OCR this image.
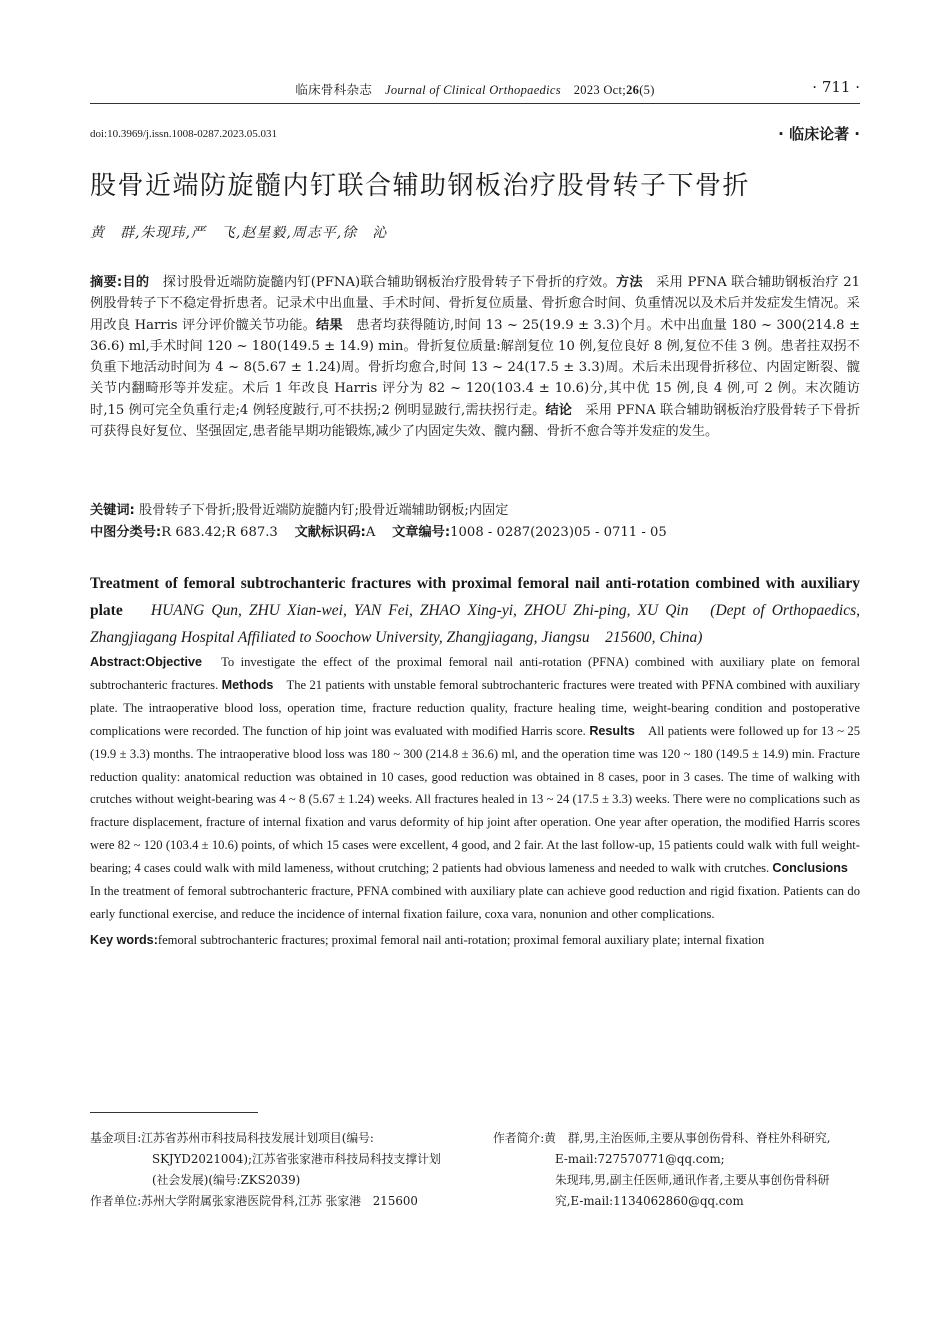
临床骨科杂志 Journal of Clinical Orthopaedics 2023 Oct;26(5)	· 711 ·
doi:10.3969/j.issn.1008-0287.2023.05.031	· 临床论著 ·
股骨近端防旋髓内钉联合辅助钢板治疗股骨转子下骨折
黄　群,朱现玮,严　飞,赵星毅,周志平,徐　沁
摘要:目的　探讨股骨近端防旋髓内钉(PFNA)联合辅助钢板治疗股骨转子下骨折的疗效。方法　采用 PFNA 联合辅助钢板治疗 21 例股骨转子下不稳定骨折患者。记录术中出血量、手术时间、骨折复位质量、骨折愈合时间、负重情况以及术后并发症发生情况。采用改良 Harris 评分评价髋关节功能。结果　患者均获得随访,时间 13 ~ 25(19.9 ± 3.3)个月。术中出血量 180 ~ 300(214.8 ± 36.6) ml,手术时间 120 ~ 180(149.5 ± 14.9) min。骨折复位质量:解剖复位 10 例,复位良好 8 例,复位不佳 3 例。患者拄双拐不负重下地活动时间为 4 ~ 8(5.67 ± 1.24)周。骨折均愈合,时间 13 ~ 24(17.5 ± 3.3)周。术后未出现骨折移位、内固定断裂、髋关节内翻畸形等并发症。术后 1 年改良 Harris 评分为 82 ~ 120(103.4 ± 10.6)分,其中优 15 例,良 4 例,可 2 例。末次随访时,15 例可完全负重行走;4 例轻度跛行,可不扶拐;2 例明显跛行,需扶拐行走。结论　采用 PFNA 联合辅助钢板治疗股骨转子下骨折可获得良好复位、坚强固定,患者能早期功能锻炼,减少了内固定失效、髋内翻、骨折不愈合等并发症的发生。
关键词: 股骨转子下骨折;股骨近端防旋髓内钉;股骨近端辅助钢板;内固定
中图分类号:R 683.42;R 687.3 文献标识码:A 文章编号:1008 - 0287(2023)05 - 0711 - 05
Treatment of femoral subtrochanteric fractures with proximal femoral nail anti-rotation combined with auxiliary plate HUANG Qun, ZHU Xian-wei, YAN Fei, ZHAO Xing-yi, ZHOU Zhi-ping, XU Qin　(Dept of Orthopaedics, Zhangjiagang Hospital Affiliated to Soochow University, Zhangjiagang, Jiangsu　215600, China)
Abstract:Objective　To investigate the effect of the proximal femoral nail anti-rotation (PFNA) combined with auxiliary plate on femoral subtrochanteric fractures. Methods　The 21 patients with unstable femoral subtrochanteric fractures were treated with PFNA combined with auxiliary plate. The intraoperative blood loss, operation time, fracture reduction quality, fracture healing time, weight-bearing condition and postoperative complications were recorded. The function of hip joint was evaluated with modified Harris score. Results　All patients were followed up for 13 ~ 25 (19.9 ± 3.3) months. The intraoperative blood loss was 180 ~ 300 (214.8 ± 36.6) ml, and the operation time was 120 ~ 180 (149.5 ± 14.9) min. Fracture reduction quality: anatomical reduction was obtained in 10 cases, good reduction was obtained in 8 cases, poor in 3 cases. The time of walking with crutches without weight-bearing was 4 ~ 8 (5.67 ± 1.24) weeks. All fractures healed in 13 ~ 24 (17.5 ± 3.3) weeks. There were no complications such as fracture displacement, fracture of internal fixation and varus deformity of hip joint after operation. One year after operation, the modified Harris scores were 82 ~ 120 (103.4 ± 10.6) points, of which 15 cases were excellent, 4 good, and 2 fair. At the last follow-up, 15 patients could walk with full weight-bearing; 4 cases could walk with mild lameness, without crutching; 2 patients had obvious lameness and needed to walk with crutches. Conclusions　In the treatment of femoral subtrochanteric fracture, PFNA combined with auxiliary plate can achieve good reduction and rigid fixation. Patients can do early functional exercise, and reduce the incidence of internal fixation failure, coxa vara, nonunion and other complications.
Key words:femoral subtrochanteric fractures; proximal femoral nail anti-rotation; proximal femoral auxiliary plate; internal fixation
基金项目:江苏省苏州市科技局科技发展计划项目(编号:
SKJYD2021004);江苏省张家港市科技局科技支撑计划
(社会发展)(编号:ZKS2039)
作者单位:苏州大学附属张家港医院骨科,江苏 张家港　215600
作者简介:黄　群,男,主治医师,主要从事创伤骨科、脊柱外科研究,
E-mail:727570771@qq.com;
朱现玮,男,副主任医师,通讯作者,主要从事创伤骨科研
究,E-mail:1134062860@qq.com
